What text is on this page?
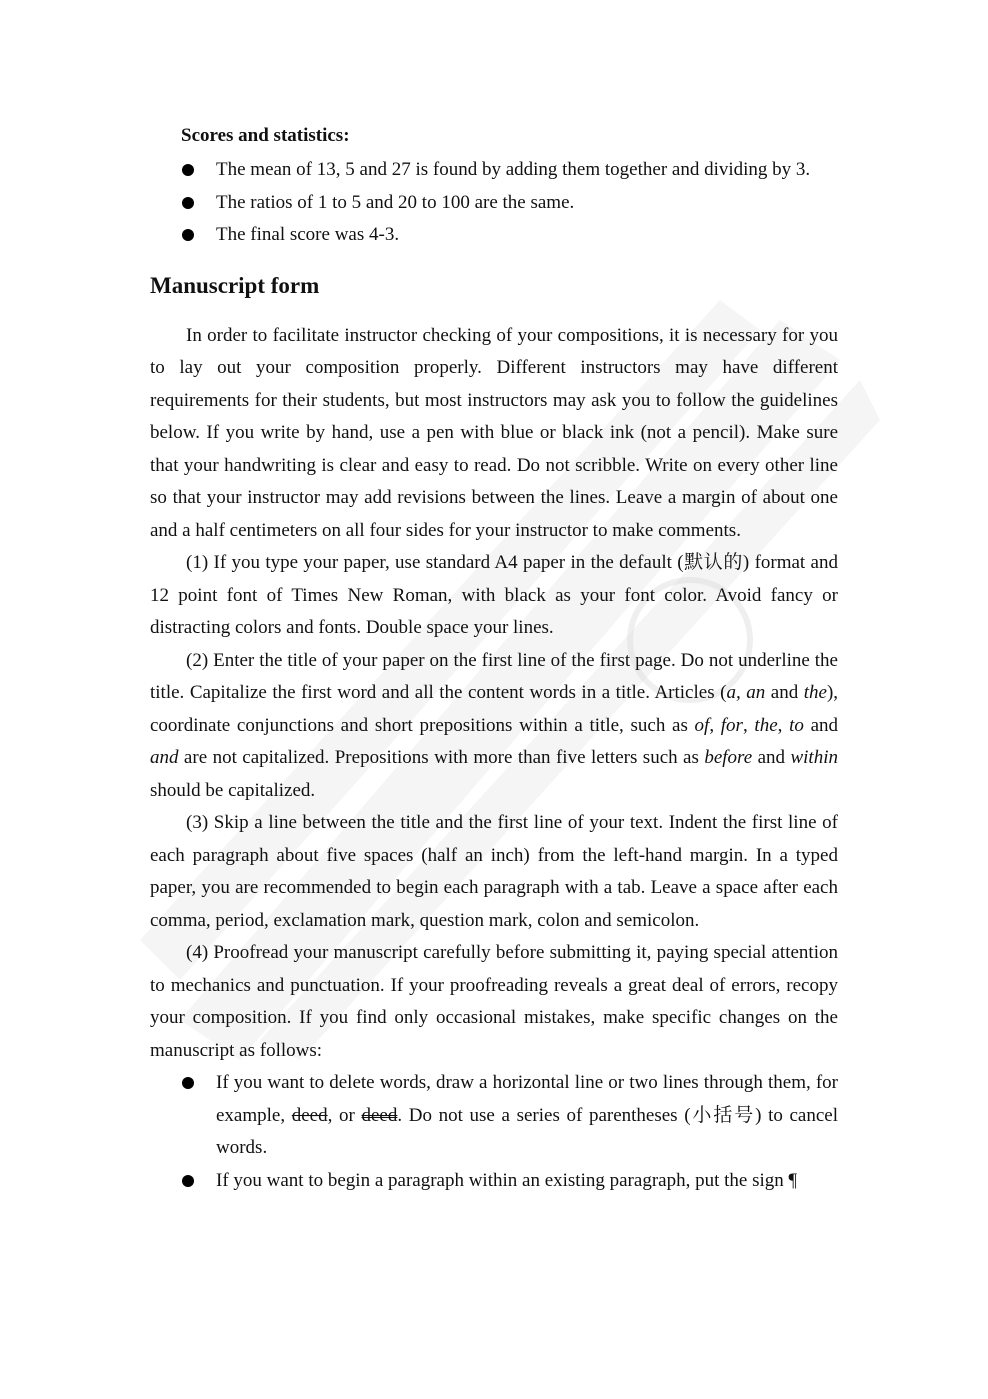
Scores and statistics:
The mean of 13, 5 and 27 is found by adding them together and dividing by 3.
The ratios of 1 to 5 and 20 to 100 are the same.
The final score was 4-3.
Manuscript form

In order to facilitate instructor checking of your compositions, it is necessary for you to lay out your composition properly. Different instructors may have different requirements for their students, but most instructors may ask you to follow the guidelines below. If you write by hand, use a pen with blue or black ink (not a pencil). Make sure that your handwriting is clear and easy to read. Do not scribble. Write on every other line so that your instructor may add revisions between the lines. Leave a margin of about one and a half centimeters on all four sides for your instructor to make comments.

(1) If you type your paper, use standard A4 paper in the default (默认的) format and 12 point font of Times New Roman, with black as your font color. Avoid fancy or distracting colors and fonts. Double space your lines.

(2) Enter the title of your paper on the first line of the first page. Do not underline the title. Capitalize the first word and all the content words in a title. Articles (a, an and the), coordinate conjunctions and short prepositions within a title, such as of, for, the, to and and are not capitalized. Prepositions with more than five letters such as before and within should be capitalized.

(3) Skip a line between the title and the first line of your text. Indent the first line of each paragraph about five spaces (half an inch) from the left-hand margin. In a typed paper, you are recommended to begin each paragraph with a tab. Leave a space after each comma, period, exclamation mark, question mark, colon and semicolon.

(4) Proofread your manuscript carefully before submitting it, paying special attention to mechanics and punctuation. If your proofreading reveals a great deal of errors, recopy your composition. If you find only occasional mistakes, make specific changes on the manuscript as follows:

If you want to delete words, draw a horizontal line or two lines through them, for example, deed, or deed. Do not use a series of parentheses (小括号) to cancel words.
If you want to begin a paragraph within an existing paragraph, put the sign ¶
